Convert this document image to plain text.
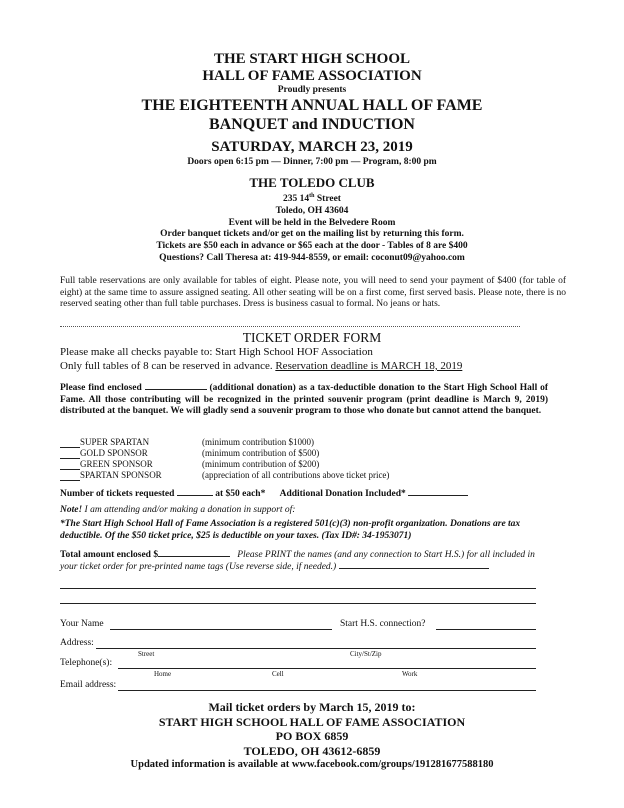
THE START HIGH SCHOOL
HALL OF FAME ASSOCIATION
Proudly presents
THE EIGHTEENTH ANNUAL HALL OF FAME
BANQUET and INDUCTION
SATURDAY, MARCH 23, 2019
Doors open 6:15 pm — Dinner, 7:00 pm — Program, 8:00 pm
THE TOLEDO CLUB
235 14th Street
Toledo, OH 43604
Event will be held in the Belvedere Room
Order banquet tickets and/or get on the mailing list by returning this form.
Tickets are $50 each in advance or $65 each at the door - Tables of 8 are $400
Questions? Call Theresa at: 419-944-8559, or email: coconut09@yahoo.com
Full table reservations are only available for tables of eight. Please note, you will need to send your payment of $400 (for table of eight) at the same time to assure assigned seating. All other seating will be on a first come, first served basis. Please note, there is no reserved seating other than full table purchases. Dress is business casual to formal. No jeans or hats.
TICKET ORDER FORM
Please make all checks payable to: Start High School HOF Association
Only full tables of 8 can be reserved in advance. Reservation deadline is MARCH 18, 2019
Please find enclosed	(additional donation) as a tax-deductible donation to the Start High School Hall of Fame. All those contributing will be recognized in the printed souvenir program (print deadline is March 9, 2019) distributed at the banquet. We will gladly send a souvenir program to those who donate but cannot attend the banquet.
SUPER SPARTAN	(minimum contribution $1000)
GOLD SPONSOR	(minimum contribution of $500)
GREEN SPONSOR	(minimum contribution of $200)
SPARTAN SPONSOR	(appreciation of all contributions above ticket price)
Number of tickets requested	at $50 each* Additional Donation Included*
Note! I am attending and/or making a donation in support of:
*The Start High School Hall of Fame Association is a registered 501(c)(3) non-profit organization. Donations are tax deductible. Of the $50 ticket price, $25 is deductible on your taxes. (Tax ID#: 34-1953071)
Total amount enclosed $	Please PRINT the names (and any connection to Start H.S.) for all included in your ticket order for pre-printed name tags (Use reverse side, if needed.)
Your Name	Start H.S. connection?
Address:
Street	City/St/Zip
Telephone(s):
Home	Cell	Work
Email address:
Mail ticket orders by March 15, 2019 to:
START HIGH SCHOOL HALL OF FAME ASSOCIATION
PO BOX 6859
TOLEDO, OH 43612-6859
Updated information is available at www.facebook.com/groups/191281677588180
